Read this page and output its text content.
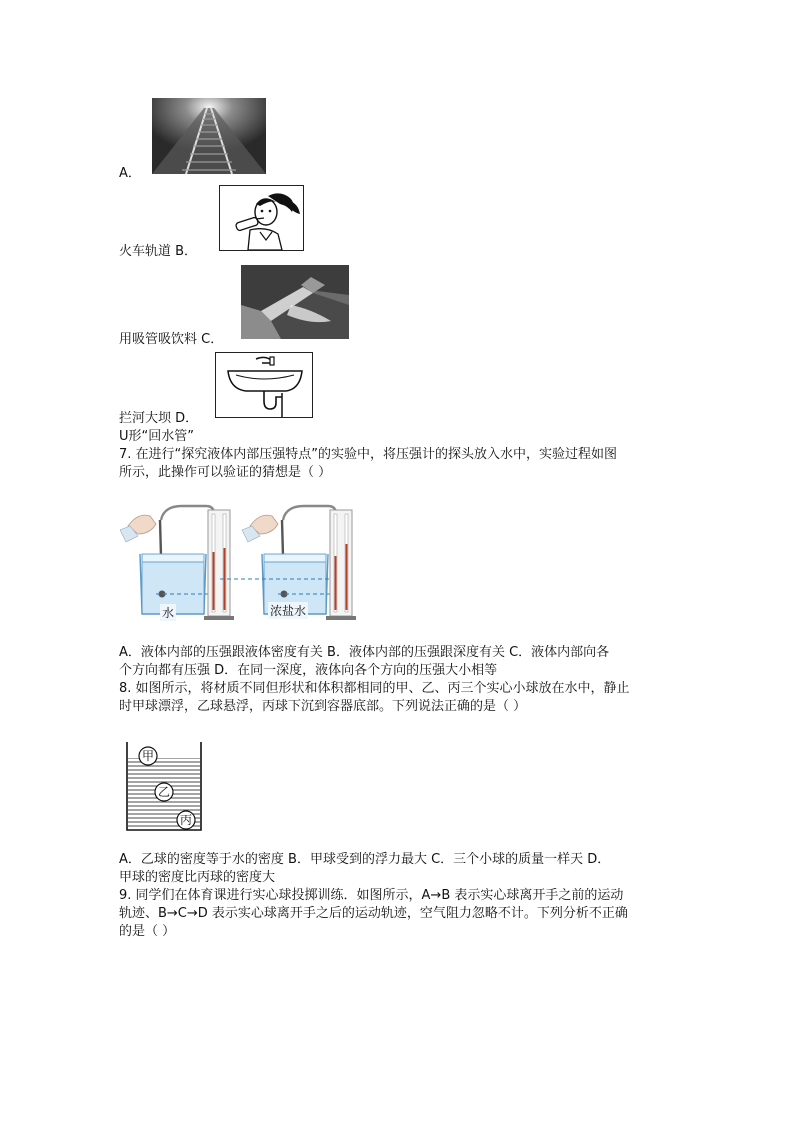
A．
火车轨道 B．
用吸管吸饮料 C．
拦河大坝 D．
U形“回水管”
7. 在进行“探究液体内部压强特点”的实验中，将压强计的探头放入水中，实验过程如图
所示，此操作可以验证的猜想是（ ）
水	浓盐水
A．液体内部的压强跟液体密度有关 B．液体内部的压强跟深度有关 C．液体内部向各
个方向都有压强 D．在同一深度，液体向各个方向的压强大小相等
8. 如图所示，将材质不同但形状和体积都相同的甲、乙、丙三个实心小球放在水中，静止
时甲球漂浮，乙球悬浮，丙球下沉到容器底部。下列说法正确的是（ ）
甲
乙
丙
A．乙球的密度等于水的密度 B．甲球受到的浮力最大 C．三个小球的质量一样天 D．
甲球的密度比丙球的密度大
9. 同学们在体育课进行实心球投掷训练．如图所示，A→B 表示实心球离开手之前的运动
轨迹、B→C→D 表示实心球离开手之后的运动轨迹，空气阻力忽略不计。下列分析不正确
的是（ ）
